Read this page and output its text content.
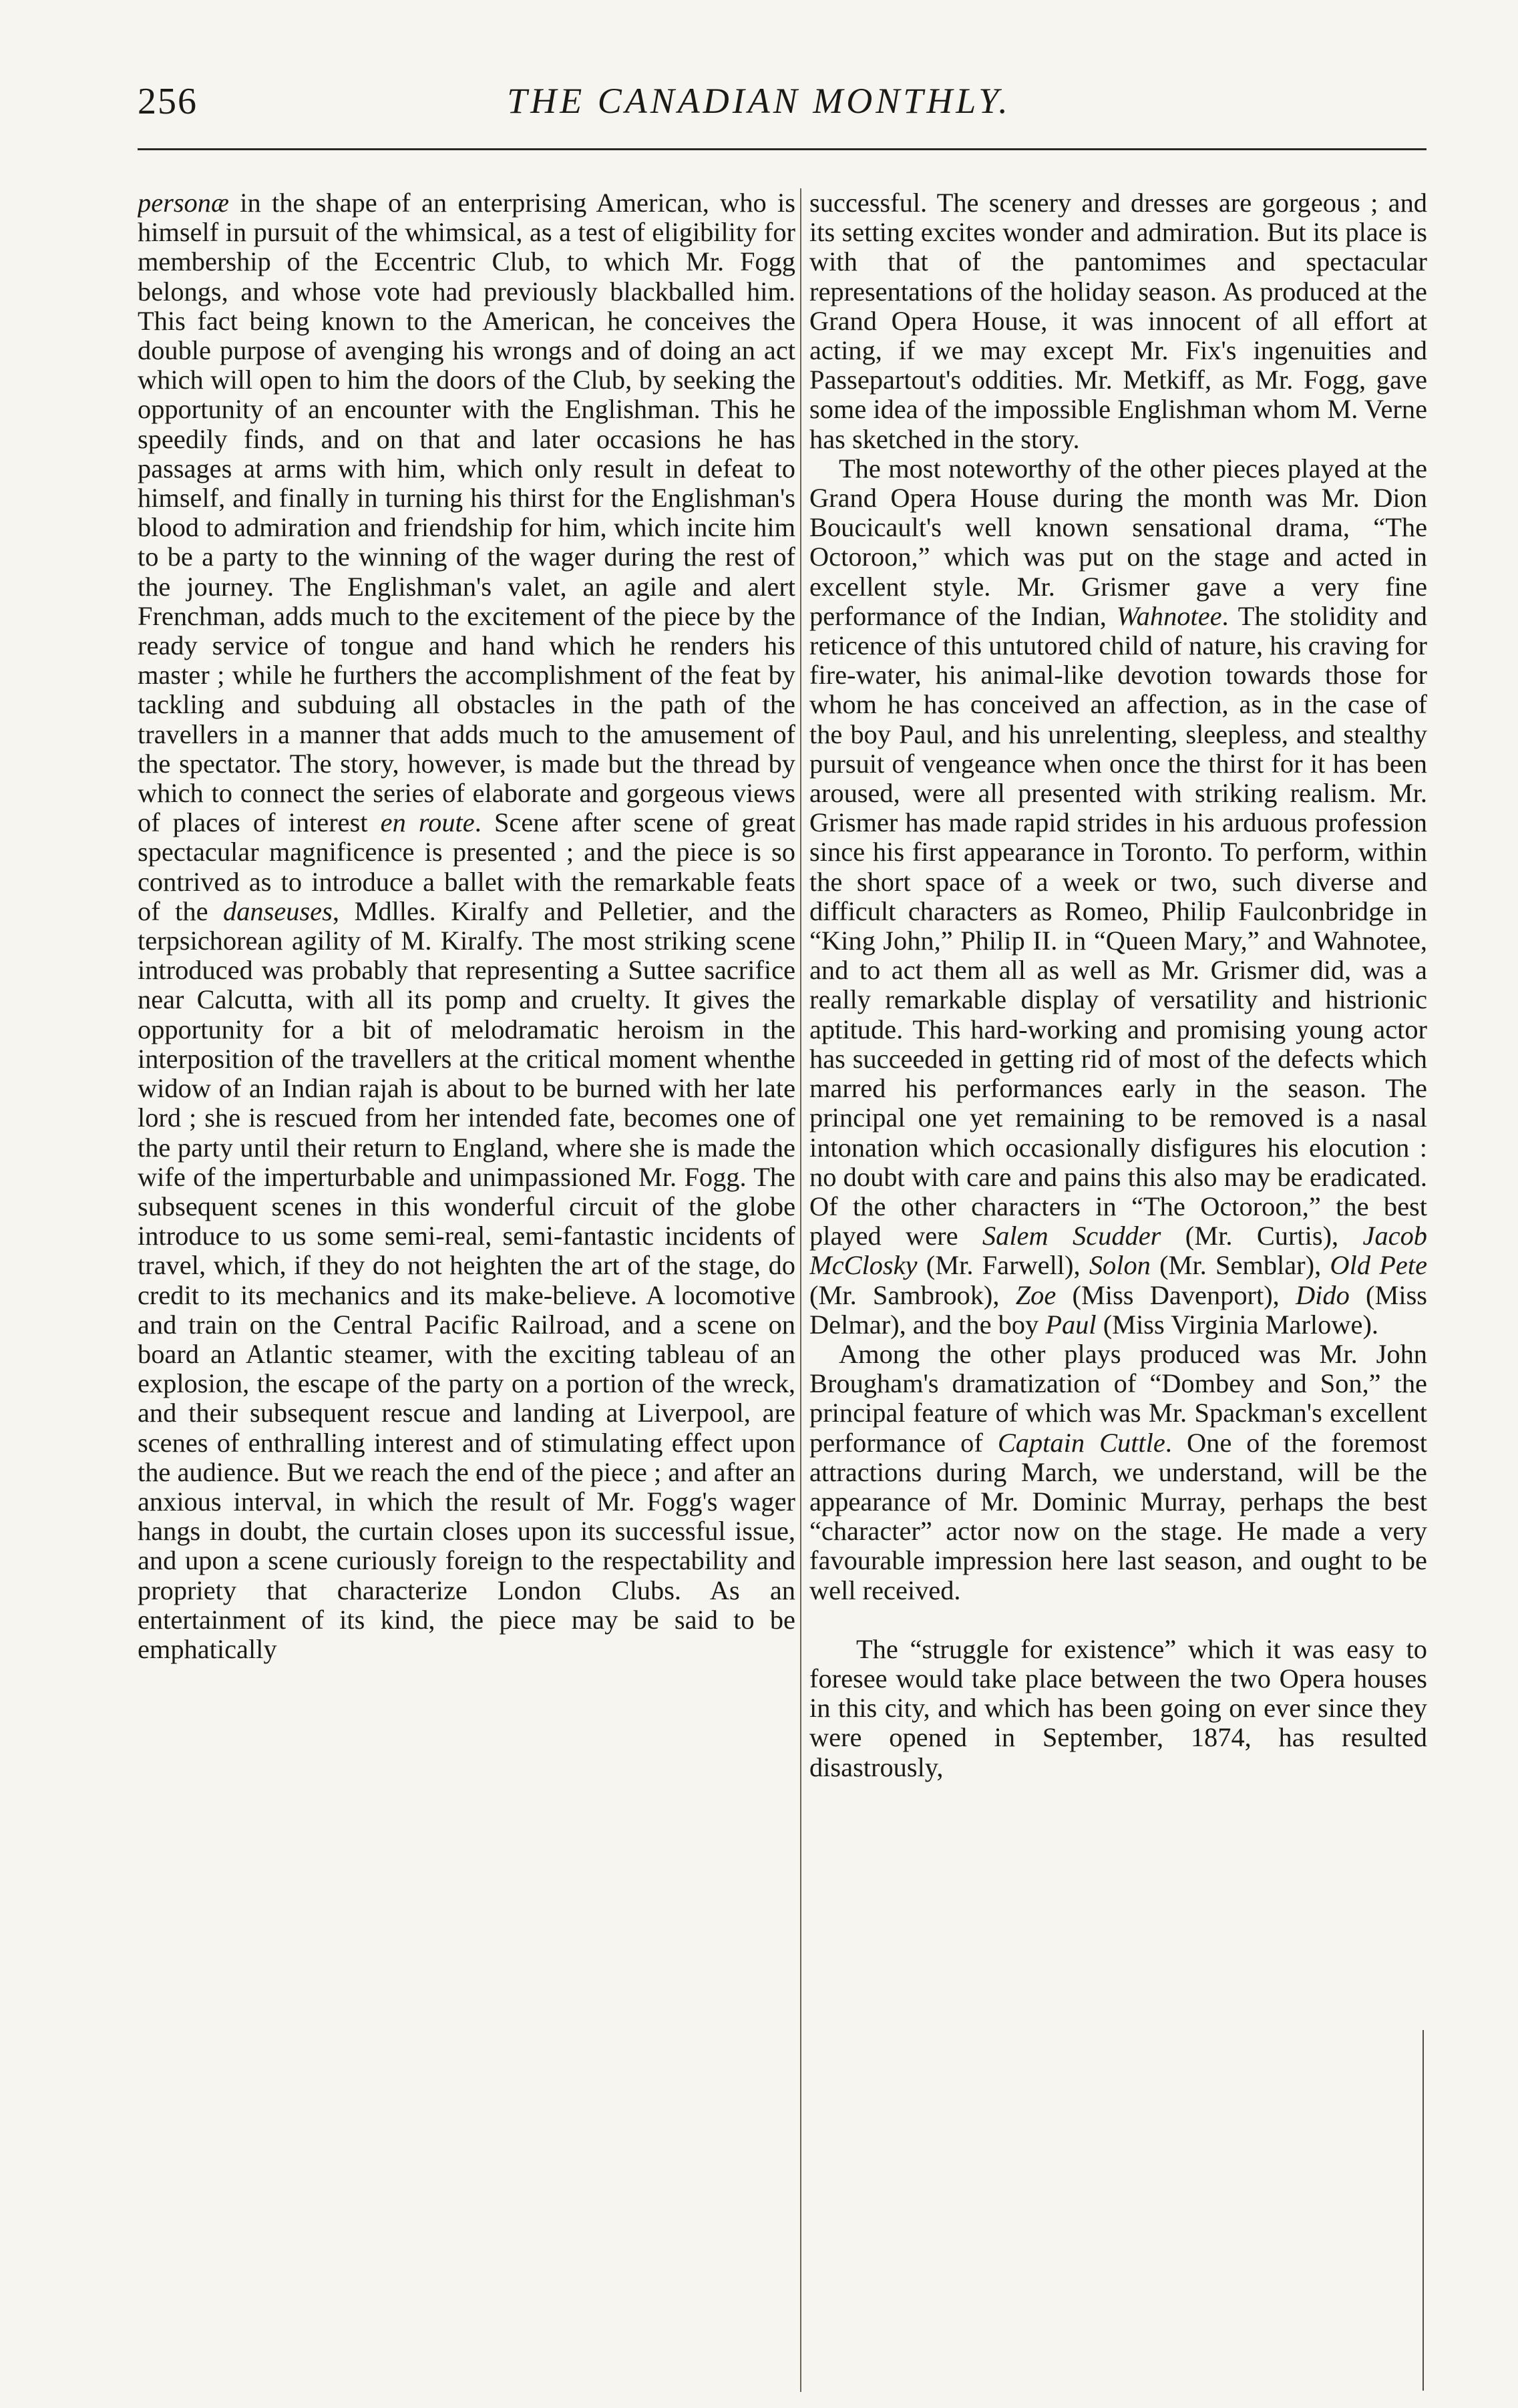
256	THE CANADIAN MONTHLY.

personæ in the shape of an enterprising American, who is himself in pursuit of the whimsical, as a test of eligibility for membership of the Eccentric Club, to which Mr. Fogg belongs, and whose vote had previously blackballed him. This fact being known to the American, he conceives the double purpose of avenging his wrongs and of doing an act which will open to him the doors of the Club, by seeking the opportunity of an encounter with the Englishman. This he speedily finds, and on that and later occasions he has passages at arms with him, which only result in defeat to himself, and finally in turning his thirst for the Englishman's blood to admiration and friendship for him, which incite him to be a party to the winning of the wager during the rest of the journey. The Englishman's valet, an agile and alert Frenchman, adds much to the excitement of the piece by the ready service of tongue and hand which he renders his master ; while he furthers the accomplishment of the feat by tackling and subduing all obstacles in the path of the travellers in a manner that adds much to the amusement of the spectator. The story, however, is made but the thread by which to connect the series of elaborate and gorgeous views of places of interest en route. Scene after scene of great spectacular magnificence is presented ; and the piece is so contrived as to introduce a ballet with the remarkable feats of the danseuses, Mdlles. Kiralfy and Pelletier, and the terpsichorean agility of M. Kiralfy. The most striking scene introduced was probably that representing a Suttee sacrifice near Calcutta, with all its pomp and cruelty. It gives the opportunity for a bit of melodramatic heroism in the interposition of the travellers at the critical moment whenthe widow of an Indian rajah is about to be burned with her late lord ; she is rescued from her intended fate, becomes one of the party until their return to England, where she is made the wife of the imperturbable and unimpassioned Mr. Fogg. The subsequent scenes in this wonderful circuit of the globe introduce to us some semi-real, semi-fantastic incidents of travel, which, if they do not heighten the art of the stage, do credit to its mechanics and its make-believe. A locomotive and train on the Central Pacific Railroad, and a scene on board an Atlantic steamer, with the exciting tableau of an explosion, the escape of the party on a portion of the wreck, and their subsequent rescue and landing at Liverpool, are scenes of enthralling interest and of stimulating effect upon the audience. But we reach the end of the piece ; and after an anxious interval, in which the result of Mr. Fogg's wager hangs in doubt, the curtain closes upon its successful issue, and upon a scene curiously foreign to the respectability and propriety that characterize London Clubs. As an entertainment of its kind, the piece may be said to be emphatically

successful. The scenery and dresses are gorgeous ; and its setting excites wonder and admiration. But its place is with that of the pantomimes and spectacular representations of the holiday season. As produced at the Grand Opera House, it was innocent of all effort at acting, if we may except Mr. Fix's ingenuities and Passepartout's oddities. Mr. Metkiff, as Mr. Fogg, gave some idea of the impossible Englishman whom M. Verne has sketched in the story.

The most noteworthy of the other pieces played at the Grand Opera House during the month was Mr. Dion Boucicault's well known sensational drama, “The Octoroon,” which was put on the stage and acted in excellent style. Mr. Grismer gave a very fine performance of the Indian, Wahnotee. The stolidity and reticence of this untutored child of nature, his craving for fire-water, his animal-like devotion towards those for whom he has conceived an affection, as in the case of the boy Paul, and his unrelenting, sleepless, and stealthy pursuit of vengeance when once the thirst for it has been aroused, were all presented with striking realism. Mr. Grismer has made rapid strides in his arduous profession since his first appearance in Toronto. To perform, within the short space of a week or two, such diverse and difficult characters as Romeo, Philip Faulconbridge in “King John,” Philip II. in “Queen Mary,” and Wahnotee, and to act them all as well as Mr. Grismer did, was a really remarkable display of versatility and histrionic aptitude. This hard-working and promising young actor has succeeded in getting rid of most of the defects which marred his performances early in the season. The principal one yet remaining to be removed is a nasal intonation which occasionally disfigures his elocution : no doubt with care and pains this also may be eradicated. Of the other characters in “The Octoroon,” the best played were Salem Scudder (Mr. Curtis), Jacob McClosky (Mr. Farwell), Solon (Mr. Semblar), Old Pete (Mr. Sambrook), Zoe (Miss Davenport), Dido (Miss Delmar), and the boy Paul (Miss Virginia Marlowe).

Among the other plays produced was Mr. John Brougham's dramatization of “Dombey and Son,” the principal feature of which was Mr. Spackman's excellent performance of Captain Cuttle. One of the foremost attractions during March, we understand, will be the appearance of Mr. Dominic Murray, perhaps the best “character” actor now on the stage. He made a very favourable impression here last season, and ought to be well received.

The “struggle for existence” which it was easy to foresee would take place between the two Opera houses in this city, and which has been going on ever since they were opened in September, 1874, has resulted disastrously,
